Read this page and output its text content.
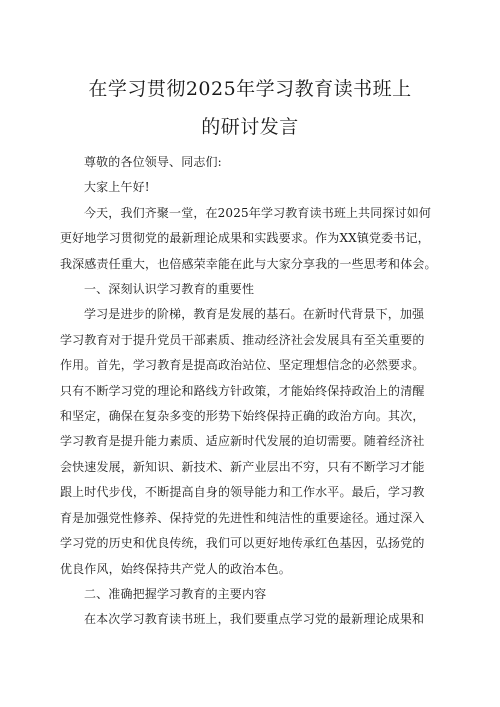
在学习贯彻2025年学习教育读书班上
的研讨发言

尊敬的各位领导、同志们:

大家上午好!

今天，我们齐聚一堂，在2025年学习教育读书班上共同探讨如何

更好地学习贯彻党的最新理论成果和实践要求。作为XX镇党委书记，

我深感责任重大，也倍感荣幸能在此与大家分享我的一些思考和体会。

一、深刻认识学习教育的重要性

学习是进步的阶梯，教育是发展的基石。在新时代背景下，加强

学习教育对于提升党员干部素质、推动经济社会发展具有至关重要的

作用。首先，学习教育是提高政治站位、坚定理想信念的必然要求。

只有不断学习党的理论和路线方针政策，才能始终保持政治上的清醒

和坚定，确保在复杂多变的形势下始终保持正确的政治方向。其次，

学习教育是提升能力素质、适应新时代发展的迫切需要。随着经济社

会快速发展，新知识、新技术、新产业层出不穷，只有不断学习才能

跟上时代步伐，不断提高自身的领导能力和工作水平。最后，学习教

育是加强党性修养、保持党的先进性和纯洁性的重要途径。通过深入

学习党的历史和优良传统，我们可以更好地传承红色基因，弘扬党的

优良作风，始终保持共产党人的政治本色。

二、准确把握学习教育的主要内容

在本次学习教育读书班上，我们要重点学习党的最新理论成果和
